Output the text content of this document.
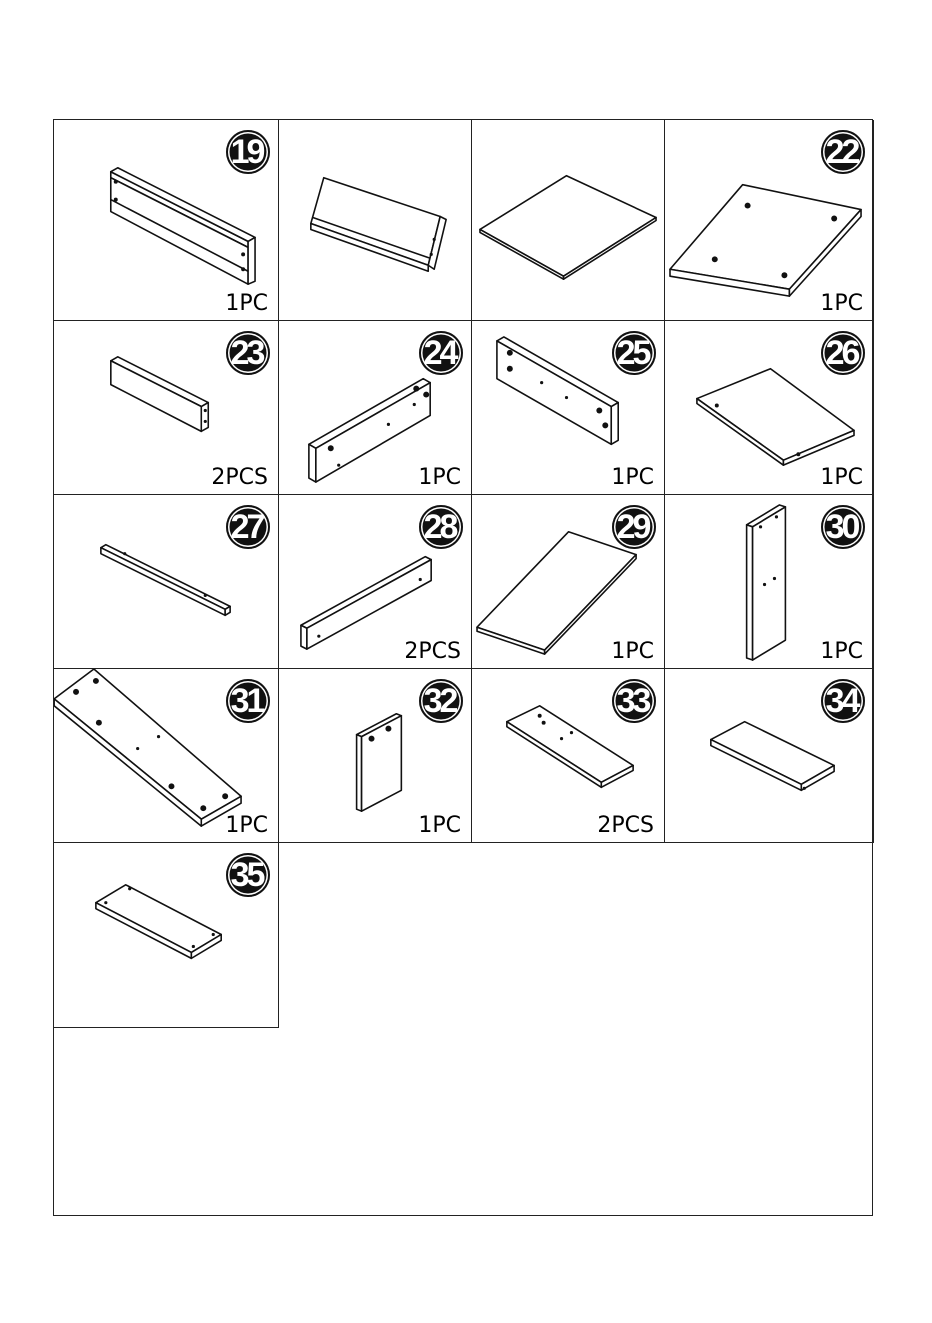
19
1PC
22
1PC
23
2PCS
24
1PC
25
1PC
26
1PC
27	28
2PCS
29
1PC
30
1PC
31
1PC
32
1PC
33
2PCS
34
35
